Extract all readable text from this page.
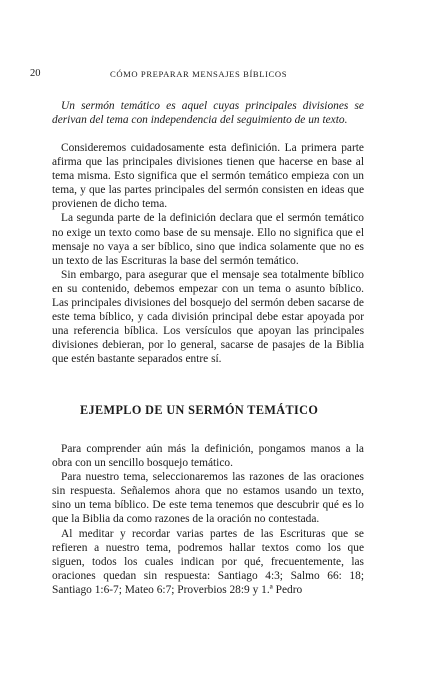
20	CÓMO PREPARAR MENSAJES BÍBLICOS

Un sermón temático es aquel cuyas principales divisiones se derivan del tema con independencia del seguimiento de un texto.

Consideremos cuidadosamente esta definición. La primera parte afirma que las principales divisiones tienen que hacerse en base al tema misma. Esto significa que el sermón temático empieza con un tema, y que las partes principales del sermón consisten en ideas que provienen de dicho tema.

La segunda parte de la definición declara que el sermón temático no exige un texto como base de su mensaje. Ello no significa que el mensaje no vaya a ser bíblico, sino que indica solamente que no es un texto de las Escrituras la base del sermón temático.

Sin embargo, para asegurar que el mensaje sea totalmente bíblico en su contenido, debemos empezar con un tema o asunto bíblico. Las principales divisiones del bosquejo del sermón deben sacarse de este tema bíblico, y cada división principal debe estar apoyada por una referencia bíblica. Los versículos que apoyan las principales divisiones debieran, por lo general, sacarse de pasajes de la Biblia que estén bastante separados entre sí.

EJEMPLO DE UN SERMÓN TEMÁTICO

Para comprender aún más la definición, pongamos manos a la obra con un sencillo bosquejo temático.

Para nuestro tema, seleccionaremos las razones de las oraciones sin respuesta. Señalemos ahora que no estamos usando un texto, sino un tema bíblico. De este tema tenemos que descubrir qué es lo que la Biblia da como razones de la oración no contestada.

Al meditar y recordar varias partes de las Escrituras que se refieren a nuestro tema, podremos hallar textos como los que siguen, todos los cuales indican por qué, frecuentemente, las oraciones quedan sin respuesta: Santiago 4:3; Salmo 66: 18; Santiago 1:6-7; Mateo 6:7; Proverbios 28:9 y 1.ª Pedro
